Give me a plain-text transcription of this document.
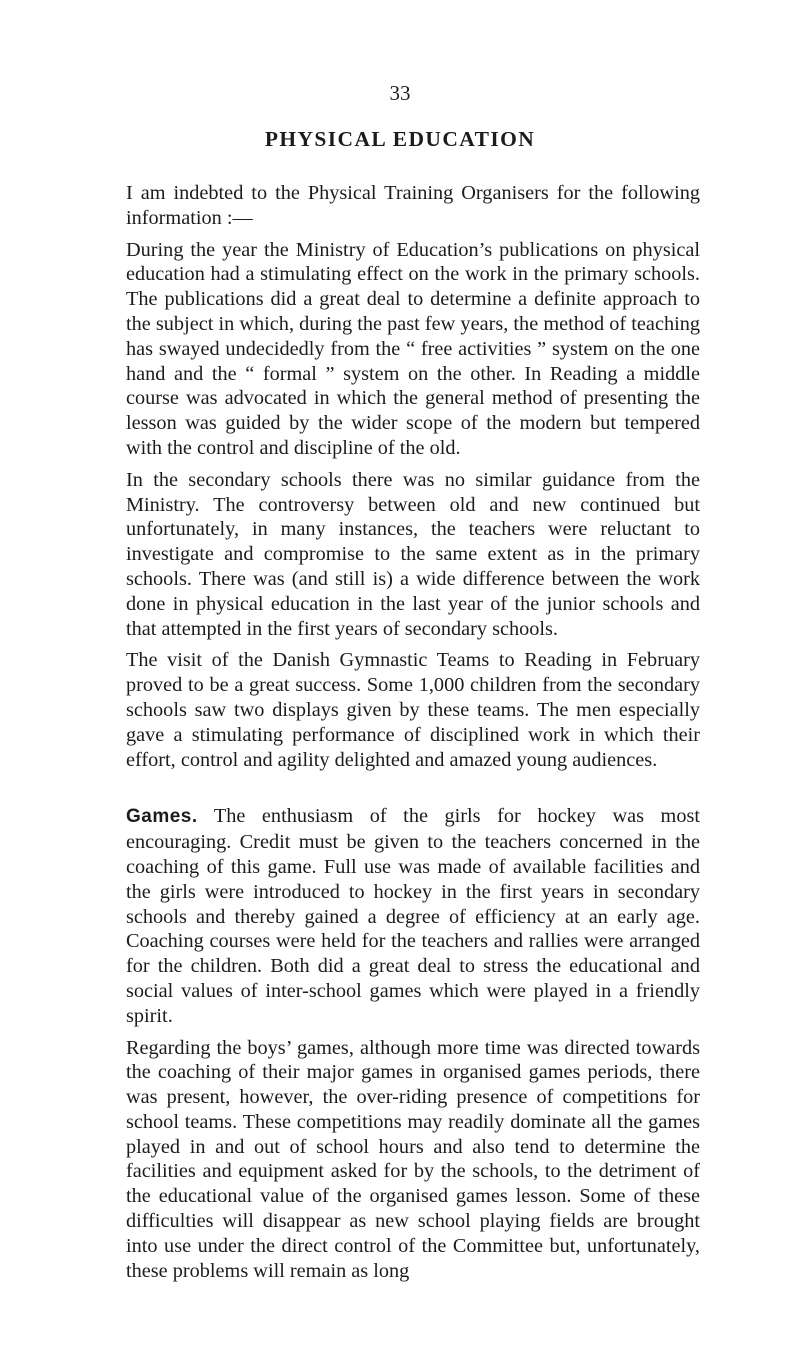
33
PHYSICAL EDUCATION

I am indebted to the Physical Training Organisers for the following information :—

During the year the Ministry of Education’s publications on physical education had a stimulating effect on the work in the primary schools. The publications did a great deal to determine a definite approach to the subject in which, during the past few years, the method of teaching has swayed undecidedly from the “ free activities ” system on the one hand and the “ formal ” system on the other. In Reading a middle course was advocated in which the general method of presenting the lesson was guided by the wider scope of the modern but tempered with the control and discipline of the old.

In the secondary schools there was no similar guidance from the Ministry. The controversy between old and new continued but unfortunately, in many instances, the teachers were reluctant to investigate and compromise to the same extent as in the primary schools. There was (and still is) a wide difference between the work done in physical education in the last year of the junior schools and that attempted in the first years of secondary schools.

The visit of the Danish Gymnastic Teams to Reading in February proved to be a great success. Some 1,000 children from the secondary schools saw two displays given by these teams. The men especially gave a stimulating performance of disciplined work in which their effort, control and agility delighted and amazed young audiences.

Games. The enthusiasm of the girls for hockey was most encouraging. Credit must be given to the teachers concerned in the coaching of this game. Full use was made of available facilities and the girls were introduced to hockey in the first years in secondary schools and thereby gained a degree of efficiency at an early age. Coaching courses were held for the teachers and rallies were arranged for the children. Both did a great deal to stress the educational and social values of inter-school games which were played in a friendly spirit.

Regarding the boys’ games, although more time was directed towards the coaching of their major games in organised games periods, there was present, however, the over-riding presence of competitions for school teams. These competitions may readily dominate all the games played in and out of school hours and also tend to determine the facilities and equipment asked for by the schools, to the detriment of the educational value of the organised games lesson. Some of these difficulties will disappear as new school playing fields are brought into use under the direct control of the Committee but, unfortunately, these problems will remain as long
